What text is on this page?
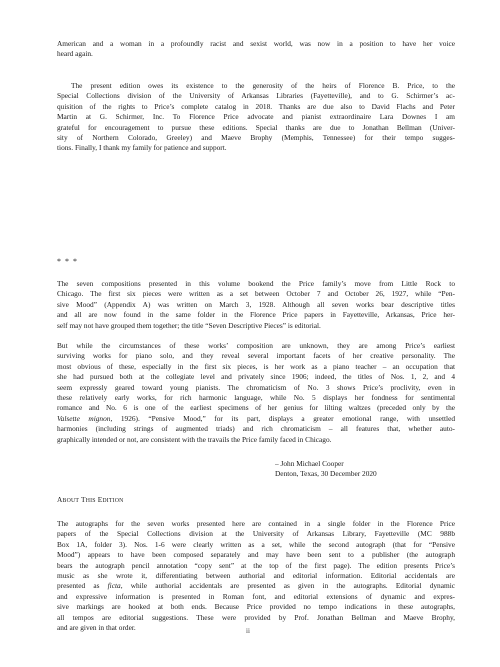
American and a woman in a profoundly racist and sexist world, was now in a position to have her voice
heard again.

The present edition owes its existence to the generosity of the heirs of Florence B. Price, to the
Special Collections division of the University of Arkansas Libraries (Fayetteville), and to G. Schirmer’s ac-
quisition of the rights to Price’s complete catalog in 2018. Thanks are due also to David Flachs and Peter
Martin at G. Schirmer, Inc. To Florence Price advocate and pianist extraordinaire Lara Downes I am
grateful for encouragement to pursue these editions. Special thanks are due to Jonathan Bellman (Univer-
sity of Northern Colorado, Greeley) and Maeve Brophy (Memphis, Tennessee) for their tempo sugges-
tions. Finally, I thank my family for patience and support.

* * *

The seven compositions presented in this volume bookend the Price family’s move from Little Rock to
Chicago. The first six pieces were written as a set between October 7 and October 26, 1927, while “Pen-
sive Mood” (Appendix A) was written on March 3, 1928. Although all seven works bear descriptive titles
and all are now found in the same folder in the Florence Price papers in Fayetteville, Arkansas, Price her-
self may not have grouped them together; the title “Seven Descriptive Pieces” is editorial.

But while the circumstances of these works’ composition are unknown, they are among Price’s earliest
surviving works for piano solo, and they reveal several important facets of her creative personality. The
most obvious of these, especially in the first six pieces, is her work as a piano teacher – an occupation that
she had pursued both at the collegiate level and privately since 1906; indeed, the titles of Nos. 1, 2, and 4
seem expressly geared toward young pianists. The chromaticism of No. 3 shows Price’s proclivity, even in
these relatively early works, for rich harmonic language, while No. 5 displays her fondness for sentimental
romance and No. 6 is one of the earliest specimens of her genius for lilting waltzes (preceded only by the
Valsette mignon, 1926). “Pensive Mood,” for its part, displays a greater emotional range, with unsettled
harmonies (including strings of augmented triads) and rich chromaticism – all features that, whether auto-
graphically intended or not, are consistent with the travails the Price family faced in Chicago.

– John Michael Cooper
Denton, Texas, 30 December 2020
ABOUT THIS EDITION

The autographs for the seven works presented here are contained in a single folder in the Florence Price
papers of the Special Collections division at the University of Arkansas Library, Fayetteville (MC 988b
Box 1A, folder 3). Nos. 1-6 were clearly written as a set, while the second autograph (that for “Pensive
Mood”) appears to have been composed separately and may have been sent to a publisher (the autograph
bears the autograph pencil annotation “copy sent” at the top of the first page). The edition presents Price’s
music as she wrote it, differentiating between authorial and editorial information. Editorial accidentals are
presented as ficta, while authorial accidentals are presented as given in the autographs. Editorial dynamic
and expressive information is presented in Roman font, and editorial extensions of dynamic and expres-
sive markings are hooked at both ends. Because Price provided no tempo indications in these autographs,
all tempos are editorial suggestions. These were provided by Prof. Jonathan Bellman and Maeve Brophy,
and are given in that order.	ii
